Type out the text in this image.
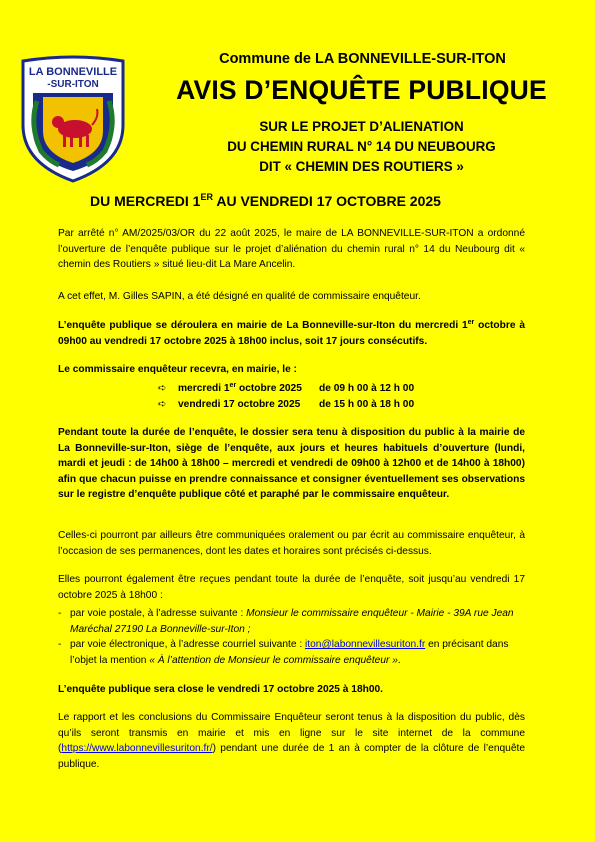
LA BONNEVILLE
-SUR-ITON
Commune de LA BONNEVILLE-SUR-ITON
AVIS D’ENQUÊTE PUBLIQUE
SUR LE PROJET D’ALIENATION
DU CHEMIN RURAL N° 14 DU NEUBOURG
DIT « CHEMIN DES ROUTIERS »
DU MERCREDI 1ER AU VENDREDI 17 OCTOBRE 2025
Par arrêté n° AM/2025/03/OR du 22 août 2025, le maire de LA BONNEVILLE-SUR-ITON a ordonné l’ouverture de l’enquête publique sur le projet d’aliénation du chemin rural n° 14 du Neubourg dit « chemin des Routiers » situé lieu-dit La Mare Ancelin.
A cet effet, M. Gilles SAPIN, a été désigné en qualité de commissaire enquêteur.
L’enquête publique se déroulera en mairie de La Bonneville-sur-Iton du mercredi 1er octobre à 09h00 au vendredi 17 octobre 2025 à 18h00 inclus, soit 17 jours consécutifs.
Le commissaire enquêteur recevra, en mairie, le :
➪	mercredi 1er octobre 2025	de 09 h 00 à 12 h 00
➪	vendredi 17 octobre 2025	de 15 h 00 à 18 h 00
Pendant toute la durée de l’enquête, le dossier sera tenu à disposition du public à la mairie de La Bonneville-sur-Iton, siège de l’enquête, aux jours et heures habituels d’ouverture (lundi, mardi et jeudi : de 14h00 à 18h00 – mercredi et vendredi de 09h00 à 12h00 et de 14h00 à 18h00) afin que chacun puisse en prendre connaissance et consigner éventuellement ses observations sur le registre d’enquête publique côté et paraphé par le commissaire enquêteur.
Celles-ci pourront par ailleurs être communiquées oralement ou par écrit au commissaire enquêteur, à l’occasion de ses permanences, dont les dates et horaires sont précisés ci-dessus.
Elles pourront également être reçues pendant toute la durée de l’enquête, soit jusqu’au vendredi 17 octobre 2025 à 18h00 :
- par voie postale, à l’adresse suivante : Monsieur le commissaire enquêteur - Mairie - 39A rue Jean Maréchal 27190 La Bonneville-sur-Iton ;
- par voie électronique, à l’adresse courriel suivante : iton@labonnevillesuriton.fr en précisant dans l’objet la mention « À l’attention de Monsieur le commissaire enquêteur ».
L’enquête publique sera close le vendredi 17 octobre 2025 à 18h00.
Le rapport et les conclusions du Commissaire Enquêteur seront tenus à la disposition du public, dès qu’ils seront transmis en mairie et mis en ligne sur le site internet de la commune (https://www.labonnevillesuriton.fr/) pendant une durée de 1 an à compter de la clôture de l’enquête publique.
